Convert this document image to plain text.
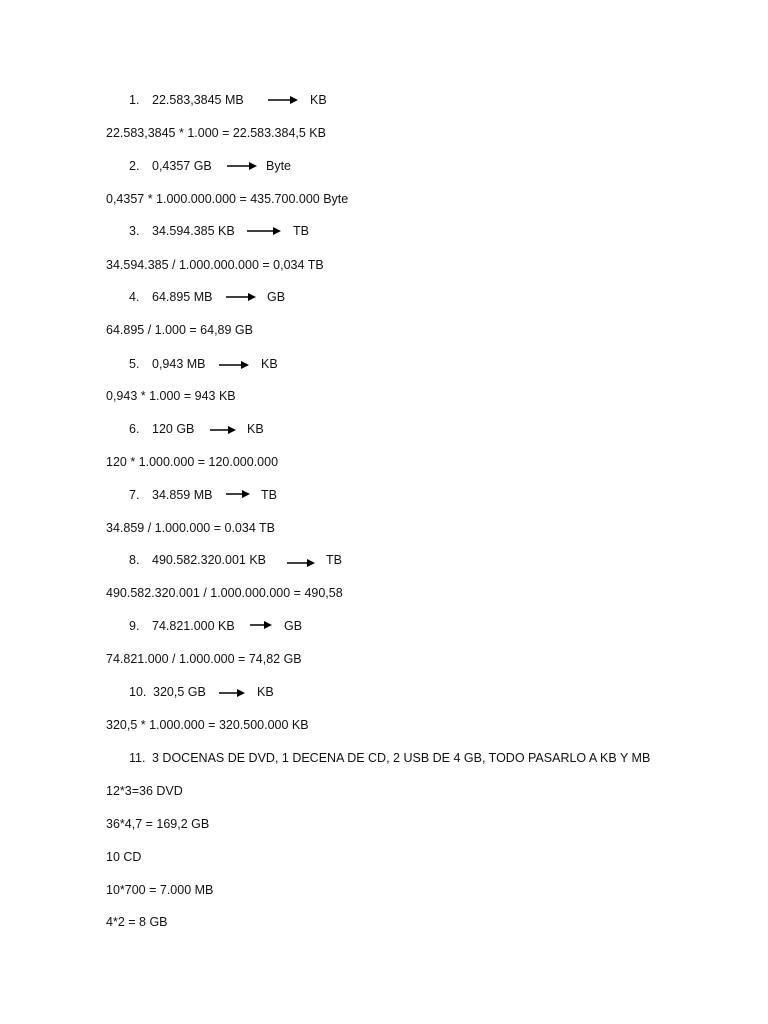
1. 22.583,3845 MB	KB
22.583,3845 * 1.000 = 22.583.384,5 KB
2. 0,4357 GB	Byte
0,4357 * 1.000.000.000 = 435.700.000 Byte
3. 34.594.385 KB	TB
34.594.385 / 1.000.000.000 = 0,034 TB
4. 64.895 MB	GB
64.895 / 1.000 = 64,89 GB
5. 0,943 MB	KB
0,943 * 1.000 = 943 KB
6. 120 GB	KB
120 * 1.000.000 = 120.000.000
7. 34.859 MB	TB
34.859 / 1.000.000 = 0.034 TB
8. 490.582.320.001 KB	TB
490.582.320.001 / 1.000.000.000 = 490,58
9. 74.821.000 KB	GB
74.821.000 / 1.000.000 = 74,82 GB
10. 320,5 GB	KB
320,5 * 1.000.000 = 320.500.000 KB
11. 3 DOCENAS DE DVD, 1 DECENA DE CD, 2 USB DE 4 GB, TODO PASARLO A KB Y MB
12*3=36 DVD
36*4,7 = 169,2 GB
10 CD
10*700 = 7.000 MB
4*2 = 8 GB
